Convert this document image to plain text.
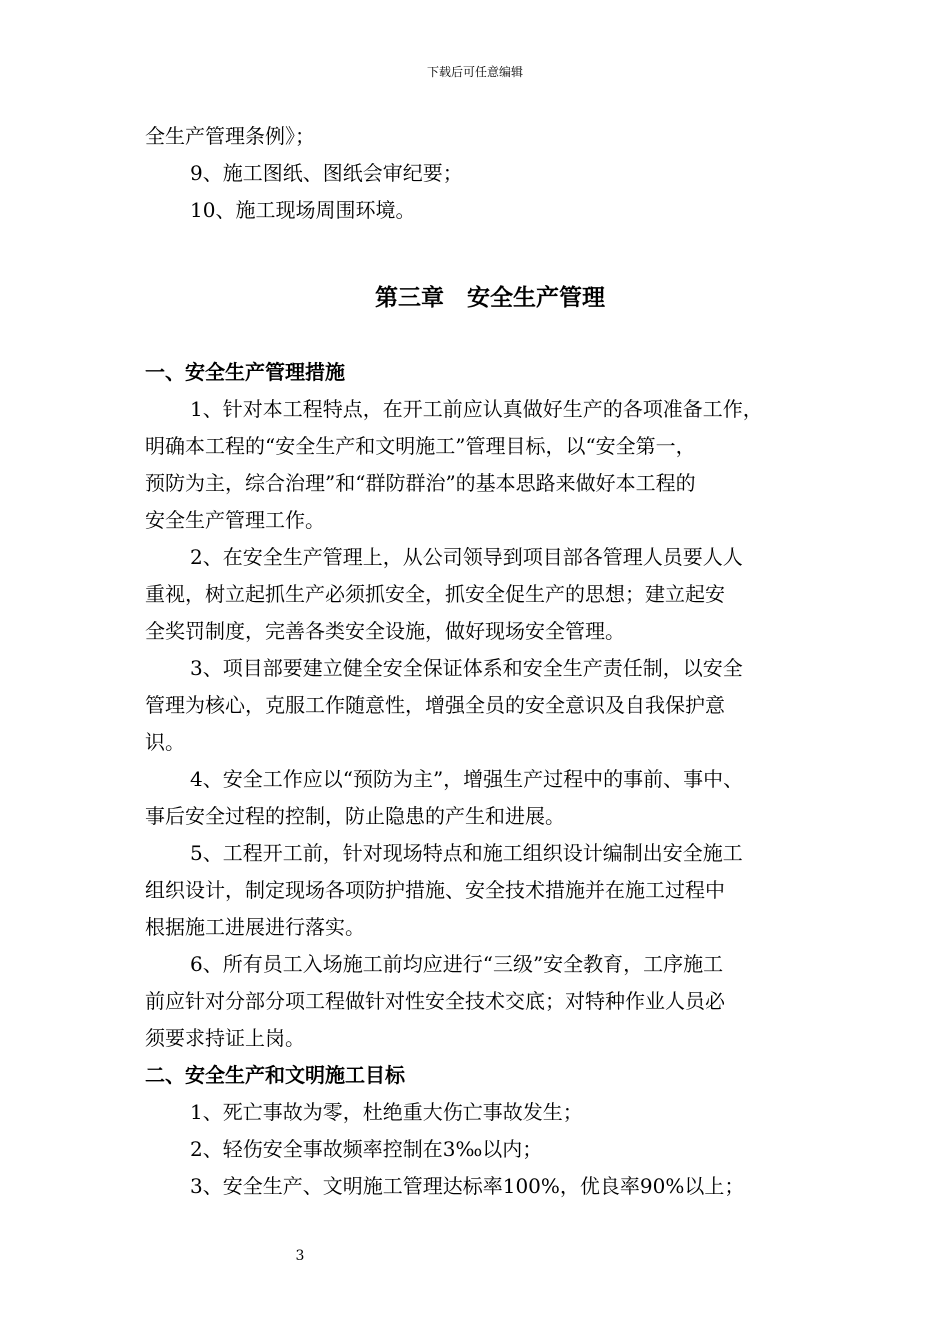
下载后可任意编辑

全生产管理条例》；

9、施工图纸、图纸会审纪要；

10、施工现场周围环境。

第三章　安全生产管理

一、安全生产管理措施

1、针对本工程特点，在开工前应认真做好生产的各项准备工作，

明确本工程的“安全生产和文明施工”管理目标，以“安全第一，

预防为主，综合治理”和“群防群治”的基本思路来做好本工程的

安全生产管理工作。

2、在安全生产管理上，从公司领导到项目部各管理人员要人人

重视，树立起抓生产必须抓安全，抓安全促生产的思想；建立起安

全奖罚制度，完善各类安全设施，做好现场安全管理。

3、项目部要建立健全安全保证体系和安全生产责任制，以安全

管理为核心，克服工作随意性，增强全员的安全意识及自我保护意

识。

4、安全工作应以“预防为主”，增强生产过程中的事前、事中、

事后安全过程的控制，防止隐患的产生和进展。

5、工程开工前，针对现场特点和施工组织设计编制出安全施工

组织设计，制定现场各项防护措施、安全技术措施并在施工过程中

根据施工进展进行落实。

6、所有员工入场施工前均应进行“三级”安全教育，工序施工

前应针对分部分项工程做针对性安全技术交底；对特种作业人员必

须要求持证上岗。

二、安全生产和文明施工目标

1、死亡事故为零，杜绝重大伤亡事故发生；

2、轻伤安全事故频率控制在3‰以内；

3、安全生产、文明施工管理达标率100%，优良率90%以上；

3
